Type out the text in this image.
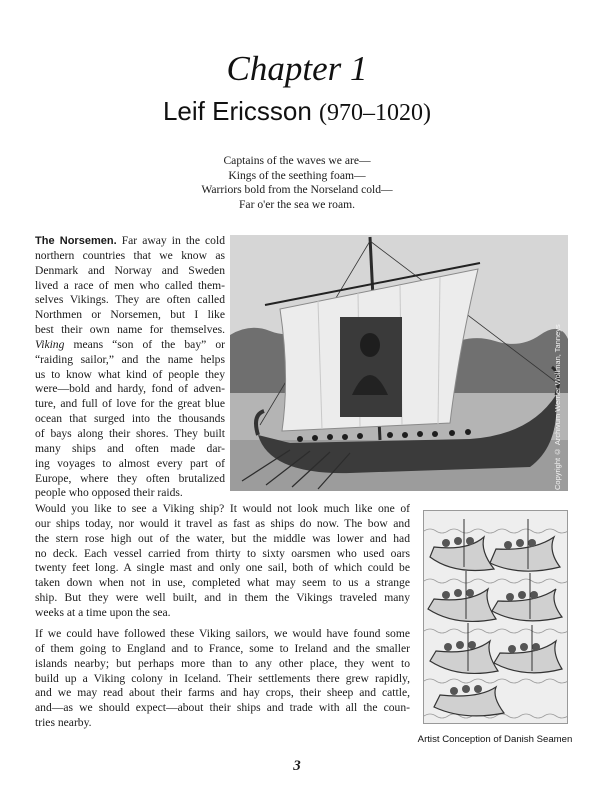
Chapter 1
Leif Ericsson (970–1020)
Captains of the waves we are—
Kings of the seething foam—
Warriors bold from the Norseland cold—
Far o'er the sea we roam.
The Norsemen. Far away in the cold
northern countries that we know as
Denmark and Norway and Sweden
lived a race of men who called them-
selves Vikings. They are often called
Northmen or Norsemen, but I like
best their own name for themselves.
Viking means “son of the bay” or
“raiding sailor,” and the name helps
us to know what kind of people they
were—bold and hardy, fond of adven-
ture, and full of love for the great blue
ocean that surged into the thousands
of bays along their shores. They built
many ships and often made dar-
ing voyages to almost every part of
Europe, where they often brutalized
people who opposed their raids.
Copyright © Archivum Werner Wollman, Tanneys
Would you like to see a Viking ship? It would not look much like one of
our ships today, nor would it travel as fast as ships do now. The bow and
the stern rose high out of the water, but the middle was lower and had
no deck. Each vessel carried from thirty to sixty oarsmen who used oars
twenty feet long. A single mast and only one sail, both of which could be
taken down when not in use, completed what may seem to us a strange
ship. But they were well built, and in them the Vikings traveled many
weeks at a time upon the sea.
If we could have followed these Viking sailors, we would have found some
of them going to England and to France, some to Ireland and the smaller
islands nearby; but perhaps more than to any other place, they went to
build up a Viking colony in Iceland. Their settlements there grew rapidly,
and we may read about their farms and hay crops, their sheep and cattle,
and—as we should expect—about their ships and trade with all the coun-
tries nearby.
Artist Conception of Danish Seamen
3
